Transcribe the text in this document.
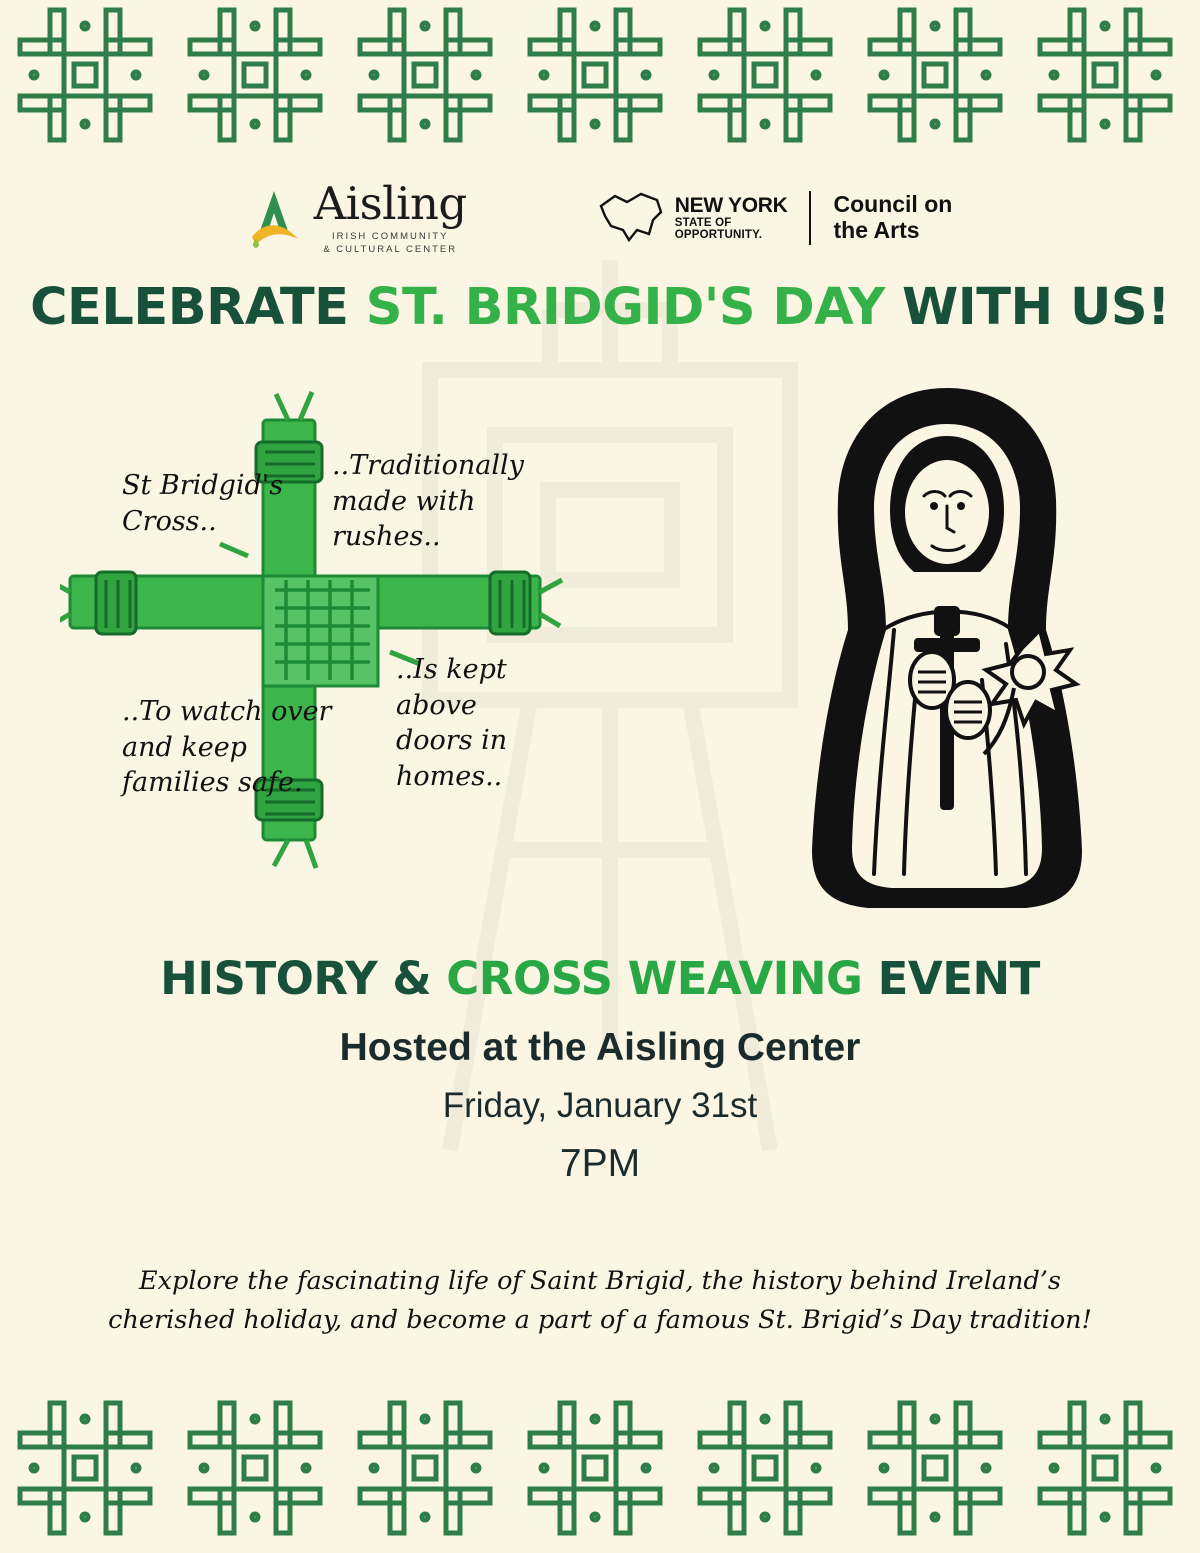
Aisling
IRISH COMMUNITY
& CULTURAL CENTER
NEW YORK
STATE OF
OPPORTUNITY.
Council on
the Arts
CELEBRATE ST. BRIDGID'S DAY WITH US!
St Bridgid's Cross..
..Traditionally made with rushes..
..To watch over and keep families safe.
..Is kept above doors in homes..
HISTORY & CROSS WEAVING EVENT
Hosted at the Aisling Center
Friday, January 31st
7PM
Explore the fascinating life of Saint Brigid, the history behind Ireland’s cherished holiday, and become a part of a famous St. Brigid’s Day tradition!
